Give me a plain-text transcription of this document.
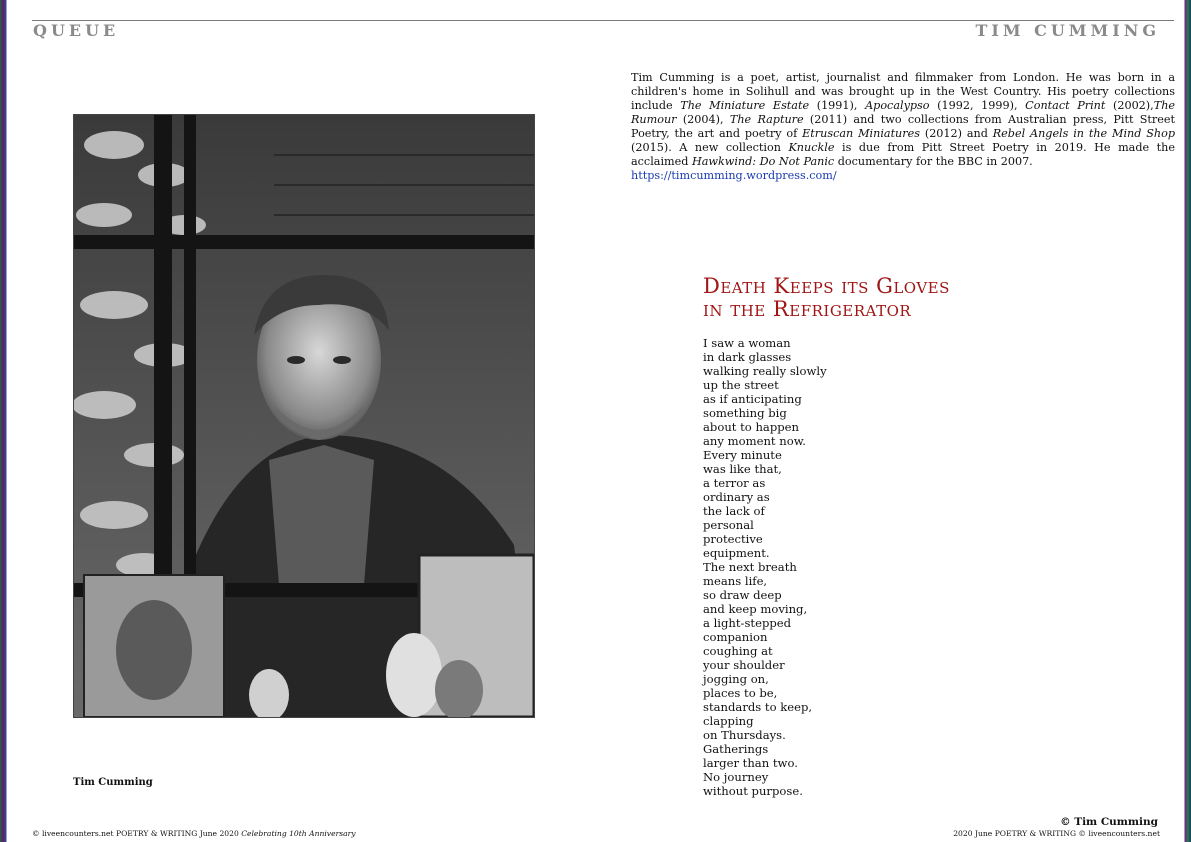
QUEUE	TIM CUMMING
Tim Cumming
Tim Cumming is a poet, artist, journalist and filmmaker from London. He was born in a children's home in Solihull and was brought up in the West Country. His poetry collections include The Miniature Estate (1991), Apocalypso (1992, 1999), Contact Print (2002),The Rumour (2004), The Rapture (2011) and two collections from Australian press, Pitt Street Poetry, the art and poetry of Etruscan Miniatures (2012) and Rebel Angels in the Mind Shop (2015). A new collection Knuckle is due from Pitt Street Poetry in 2019. He made the acclaimed Hawkwind: Do Not Panic documentary for the BBC in 2007.
https://timcumming.wordpress.com/
Death Keeps its Gloves
in the Refrigerator
I saw a woman
in dark glasses
walking really slowly
up the street
as if anticipating
something big
about to happen
any moment now.
Every minute
was like that,
a terror as
ordinary as
the lack of
personal
protective
equipment.
The next breath
means life,
so draw deep
and keep moving,
a light-stepped
companion
coughing at
your shoulder
jogging on,
places to be,
standards to keep,
clapping
on Thursdays.
Gatherings
larger than two.
No journey
without purpose.
© Tim Cumming
© liveencounters.net POETRY & WRITING June 2020 Celebrating 10th Anniversary	2020 June POETRY & WRITING © liveencounters.net
